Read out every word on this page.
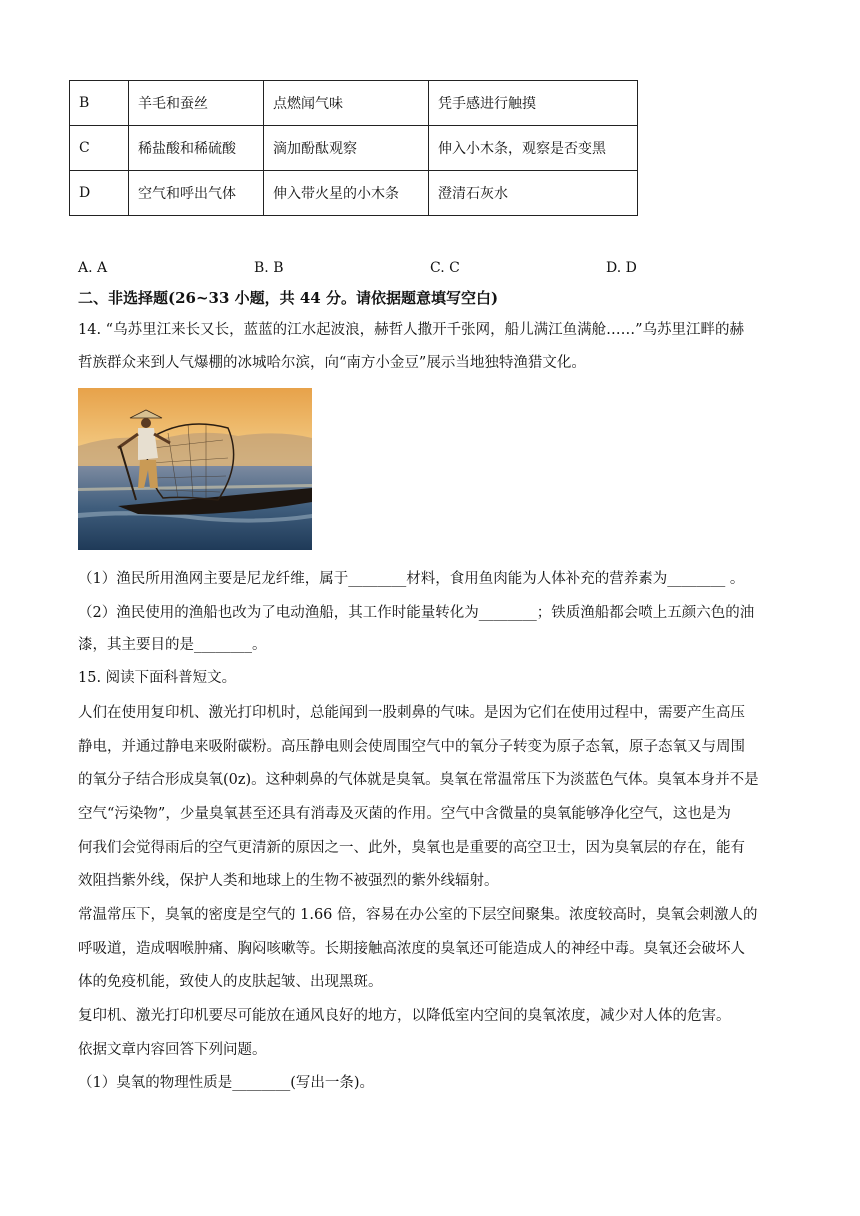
B	羊毛和蚕丝	点燃闻气味	凭手感进行触摸
C	稀盐酸和稀硫酸	滴加酚酞观察	伸入小木条，观察是否变黑
D	空气和呼出气体	伸入带火星的小木条	澄清石灰水
A. A	B. B	C. C	D. D
二、非选择题(26~33 小题，共 44 分。请依据题意填写空白)
14. “乌苏里江来长又长，蓝蓝的江水起波浪，赫哲人撒开千张网，船儿满江鱼满舱……”乌苏里江畔的赫
哲族群众来到人气爆棚的冰城哈尔滨，向“南方小金豆”展示当地独特渔猎文化。
（1）渔民所用渔网主要是尼龙纤维，属于________材料，食用鱼肉能为人体补充的营养素为________ 。
（2）渔民使用的渔船也改为了电动渔船，其工作时能量转化为________；铁质渔船都会喷上五颜六色的油
漆，其主要目的是________。
15. 阅读下面科普短文。
人们在使用复印机、激光打印机时，总能闻到一股刺鼻的气味。是因为它们在使用过程中，需要产生高压
静电，并通过静电来吸附碳粉。高压静电则会使周围空气中的氧分子转变为原子态氧，原子态氧又与周围
的氧分子结合形成臭氧(0z)。这种刺鼻的气体就是臭氧。臭氧在常温常压下为淡蓝色气体。臭氧本身并不是
空气“污染物”，少量臭氧甚至还具有消毒及灭菌的作用。空气中含微量的臭氧能够净化空气，这也是为
何我们会觉得雨后的空气更清新的原因之一、此外，臭氧也是重要的高空卫士，因为臭氧层的存在，能有
效阻挡紫外线，保护人类和地球上的生物不被强烈的紫外线辐射。
常温常压下，臭氧的密度是空气的 1.66 倍，容易在办公室的下层空间聚集。浓度较高时，臭氧会刺激人的
呼吸道，造成咽喉肿痛、胸闷咳嗽等。长期接触高浓度的臭氧还可能造成人的神经中毒。臭氧还会破坏人
体的免疫机能，致使人的皮肤起皱、出现黑斑。
复印机、激光打印机要尽可能放在通风良好的地方，以降低室内空间的臭氧浓度，减少对人体的危害。
依据文章内容回答下列问题。
（1）臭氧的物理性质是________(写出一条)。
